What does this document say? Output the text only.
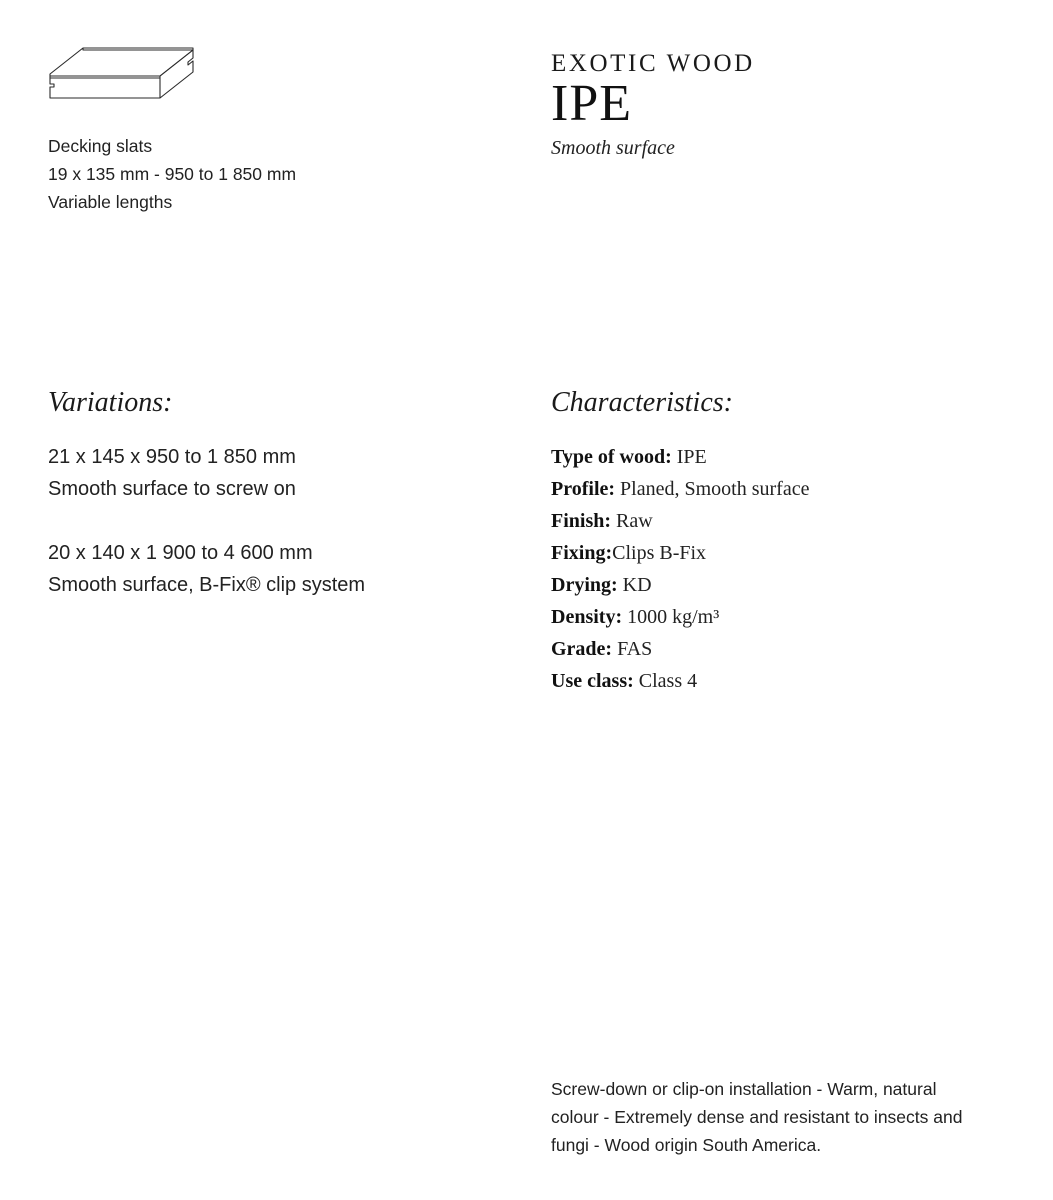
Decking slats
19 x 135 mm - 950 to 1 850 mm
Variable lengths
EXOTIC WOOD
IPE
Smooth surface
Variations:
21 x 145 x 950 to 1 850 mm
Smooth surface to screw on
20 x 140 x 1 900 to 4 600 mm
Smooth surface, B-Fix® clip system
Characteristics:
Type of wood: IPE
Profile: Planed, Smooth surface
Finish: Raw
Fixing:Clips B-Fix
Drying: KD
Density: 1000 kg/m³
Grade: FAS
Use class: Class 4
Screw-down or clip-on installation - Warm, natural colour - Extremely dense and resistant to insects and fungi - Wood origin South America.
